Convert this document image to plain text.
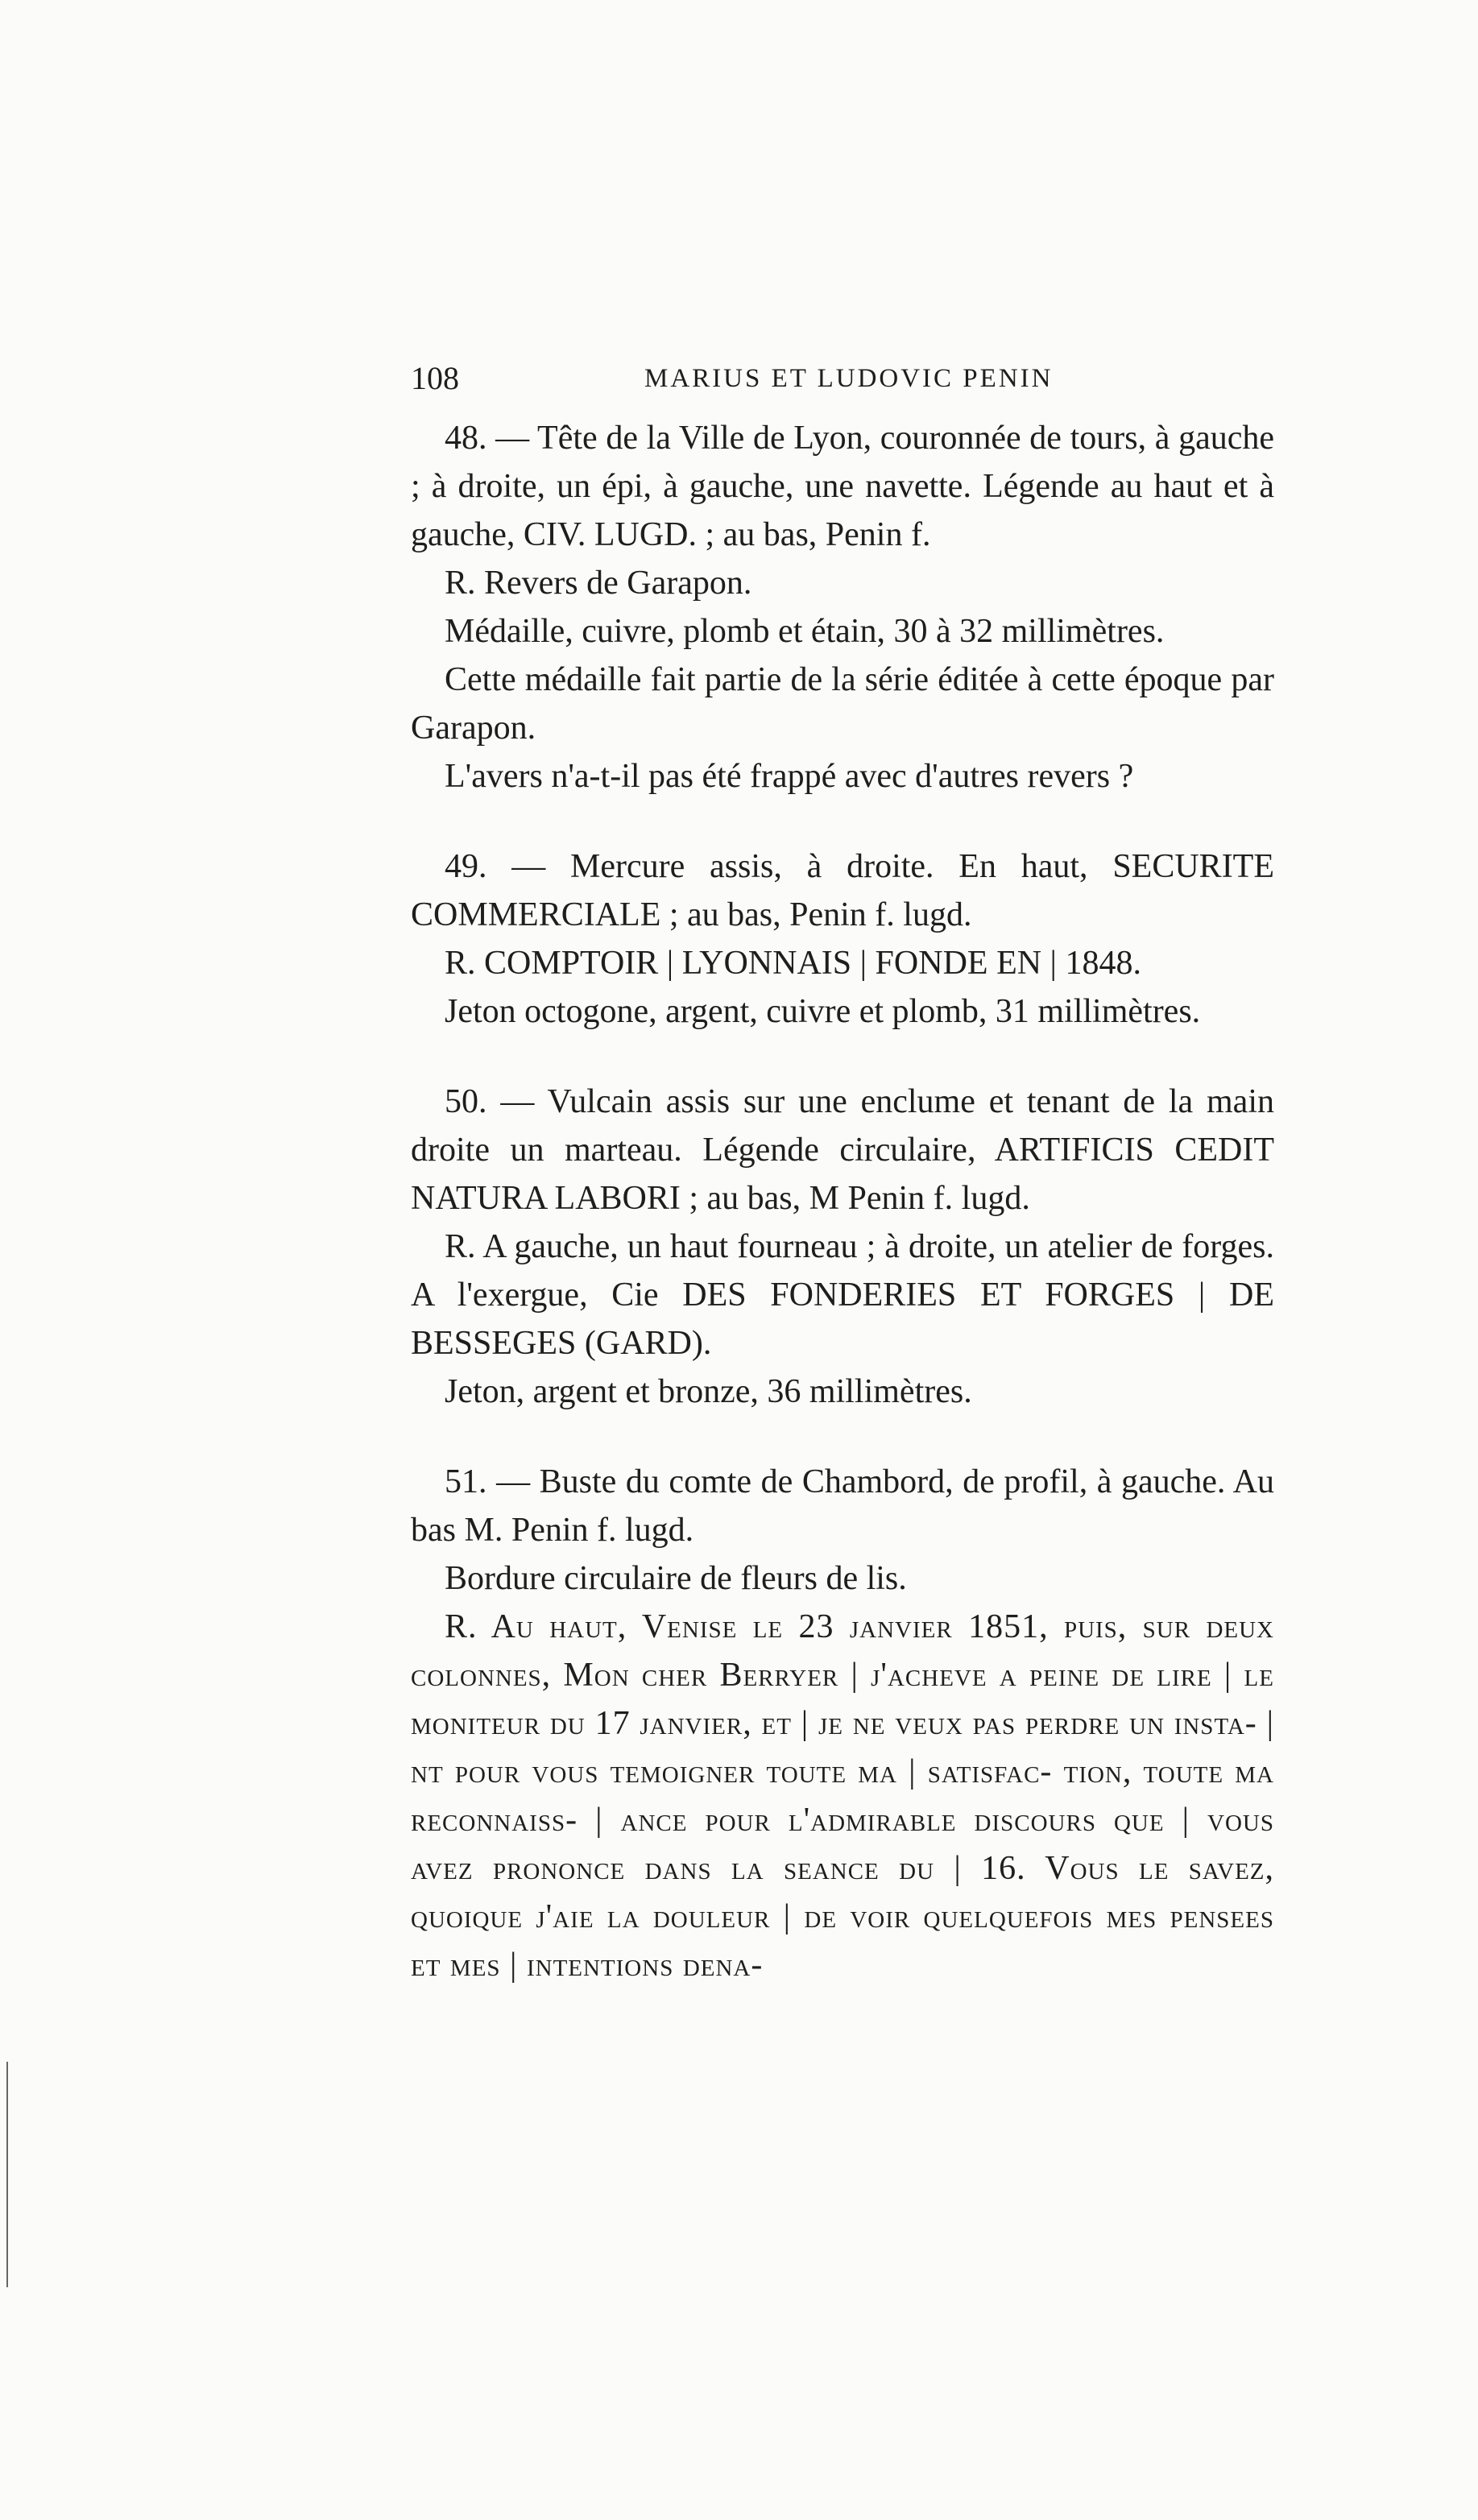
108	MARIUS ET LUDOVIC PENIN

48. — Tête de la Ville de Lyon, couronnée de tours, à gauche ; à droite, un épi, à gauche, une navette. Légende au haut et à gauche, CIV. LUGD. ; au bas, Penin f.

R. Revers de Garapon.

Médaille, cuivre, plomb et étain, 30 à 32 millimètres.

Cette médaille fait partie de la série éditée à cette époque par Garapon.

L'avers n'a-t-il pas été frappé avec d'autres revers ?

49. — Mercure assis, à droite. En haut, SECURITE COMMERCIALE ; au bas, Penin f. lugd.

R. COMPTOIR | LYONNAIS | FONDE EN | 1848.

Jeton octogone, argent, cuivre et plomb, 31 millimètres.

50. — Vulcain assis sur une enclume et tenant de la main droite un marteau. Légende circulaire, ARTIFICIS CEDIT NATURA LABORI ; au bas, M Penin f. lugd.

R. A gauche, un haut fourneau ; à droite, un atelier de forges. A l'exergue, Cie DES FONDERIES ET FORGES | DE BESSEGES (GARD).

Jeton, argent et bronze, 36 millimètres.

51. — Buste du comte de Chambord, de profil, à gauche. Au bas M. Penin f. lugd.

Bordure circulaire de fleurs de lis.

R. Au haut, Venise le 23 janvier 1851, puis, sur deux colonnes, Mon cher Berryer | j'acheve a peine de lire | le moniteur du 17 janvier, et | je ne veux pas perdre un insta- | nt pour vous temoigner toute ma | satisfac- tion, toute ma reconnaiss- | ance pour l'admirable discours que | vous avez prononce dans la seance du | 16. Vous le savez, quoique j'aie la douleur | de voir quelquefois mes pensees et mes | intentions dena-
